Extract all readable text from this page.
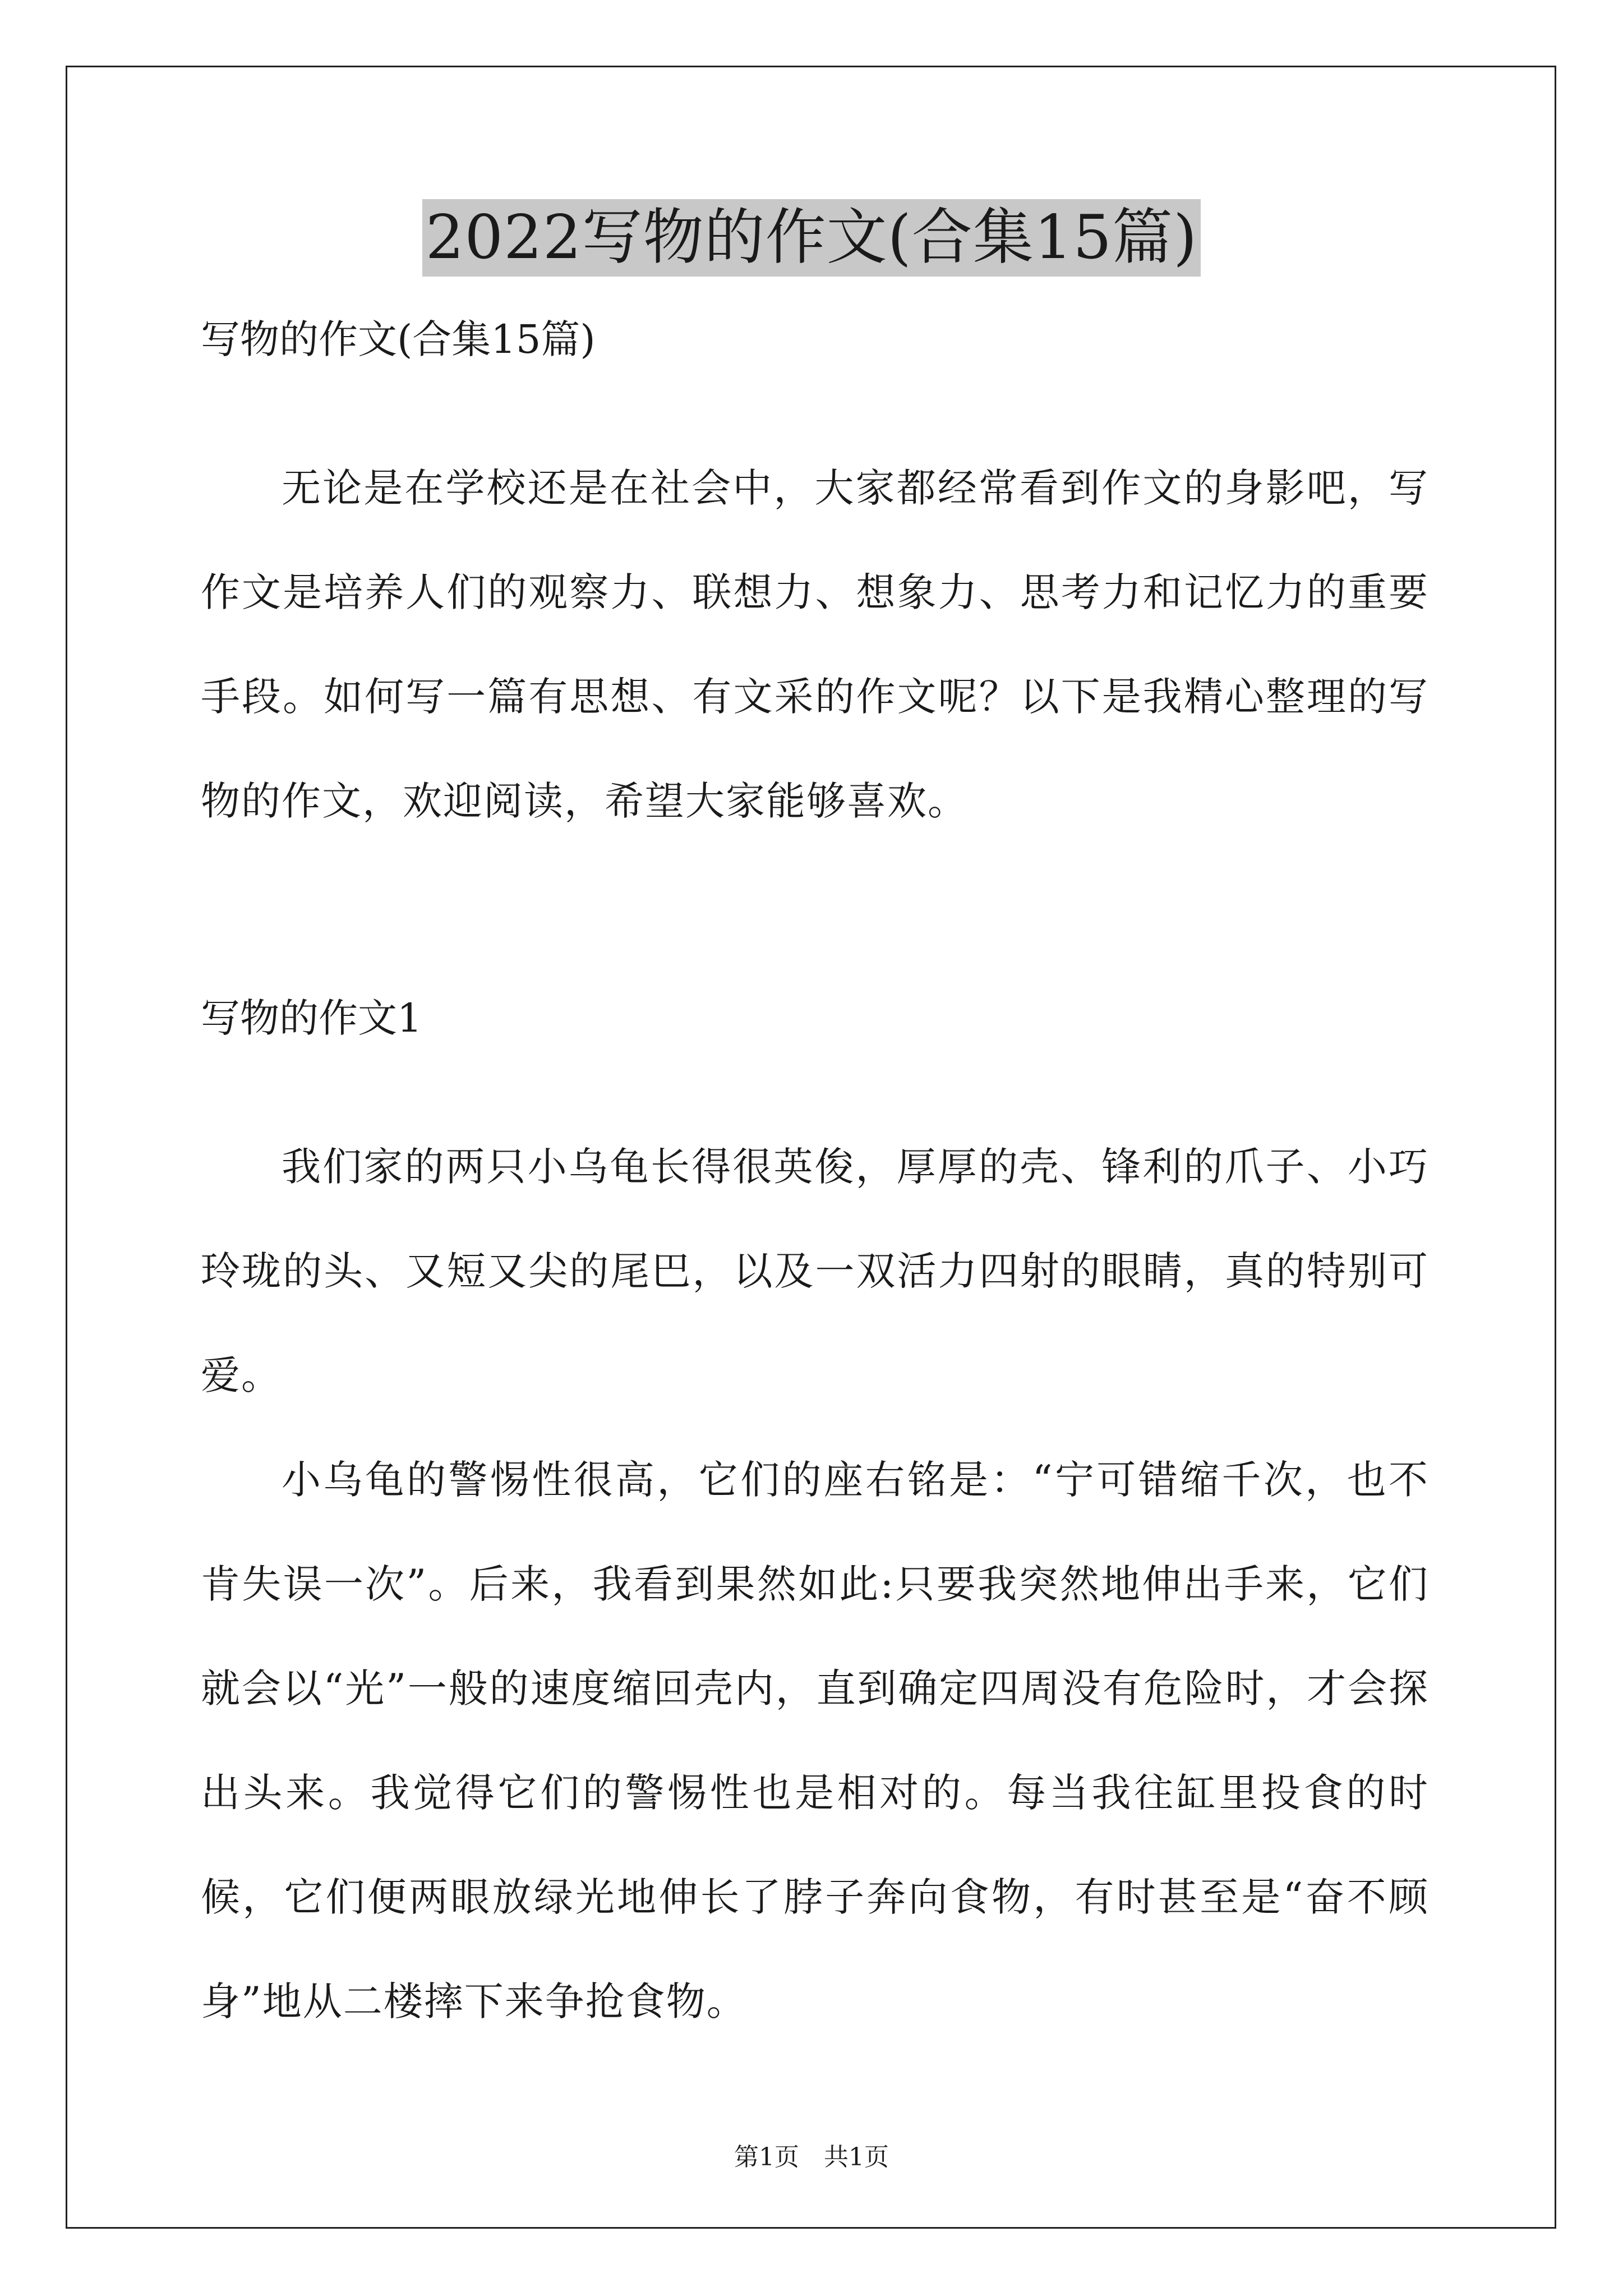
2022写物的作文(合集15篇)
写物的作文(合集15篇)

无论是在学校还是在社会中，大家都经常看到作文的身影吧，写作文是培养人们的观察力、联想力、想象力、思考力和记忆力的重要手段。如何写一篇有思想、有文采的作文呢？以下是我精心整理的写物的作文，欢迎阅读，希望大家能够喜欢。

写物的作文1

我们家的两只小乌龟长得很英俊，厚厚的壳、锋利的爪子、小巧玲珑的头、又短又尖的尾巴，以及一双活力四射的眼睛，真的特别可爱。

小乌龟的警惕性很高，它们的座右铭是：“宁可错缩千次，也不肯失误一次”。后来，我看到果然如此:只要我突然地伸出手来，它们就会以“光”一般的速度缩回壳内，直到确定四周没有危险时，才会探出头来。我觉得它们的警惕性也是相对的。每当我往缸里投食的时候，它们便两眼放绿光地伸长了脖子奔向食物，有时甚至是“奋不顾身”地从二楼摔下来争抢食物。

第1页　共1页
